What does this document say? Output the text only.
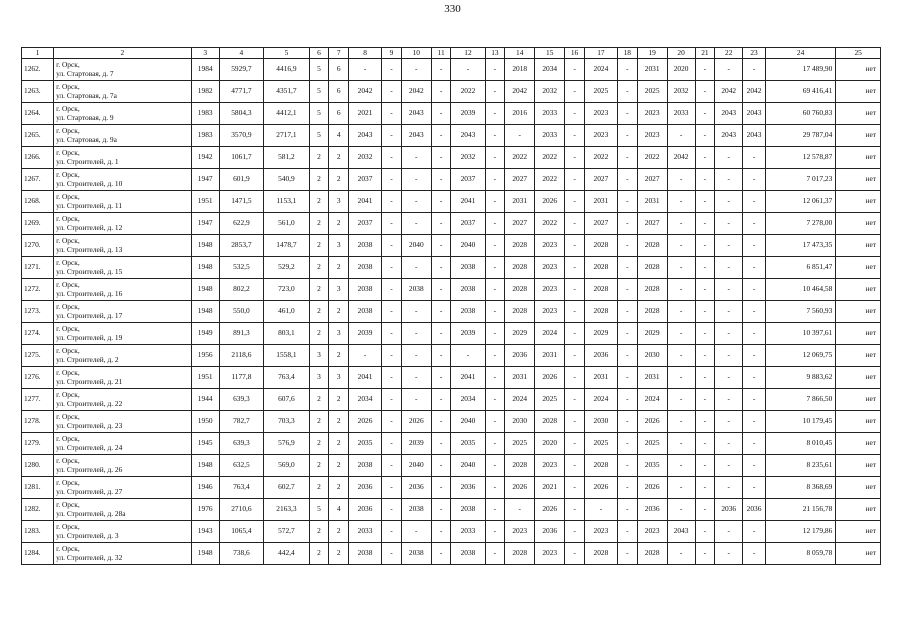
330
1	2	3	4	5	6	7	8	9	10	11	12	13	14	15	16	17	18	19	20	21	22	23	24	25
1262.	г. Орск,
ул. Стартовая, д. 7	1984	5929,7	4416,9	5	6	-	-	-	-	-	-	2018	2034	-	2024	-	2031	2020	-	-	-	17 489,90	нет
1263.	г. Орск,
ул. Стартовая, д. 7а	1982	4771,7	4351,7	5	6	2042	-	2042	-	2022	-	2042	2032	-	2025	-	2025	2032	-	2042	2042	69 416,41	нет
1264.	г. Орск,
ул. Стартовая, д. 9	1983	5804,3	4412,1	5	6	2021	-	2043	-	2039	-	2016	2033	-	2023	-	2023	2033	-	2043	2043	60 760,83	нет
1265.	г. Орск,
ул. Стартовая, д. 9а	1983	3570,9	2717,1	5	4	2043	-	2043	-	2043	-	-	2033	-	2023	-	2023	-	-	2043	2043	29 787,04	нет
1266.	г. Орск,
ул. Строителей, д. 1	1942	1061,7	581,2	2	2	2032	-	-	-	2032	-	2022	2022	-	2022	-	2022	2042	-	-	-	12 578,87	нет
1267.	г. Орск,
ул. Строителей, д. 10	1947	601,9	540,9	2	2	2037	-	-	-	2037	-	2027	2022	-	2027	-	2027	-	-	-	-	7 017,23	нет
1268.	г. Орск,
ул. Строителей, д. 11	1951	1471,5	1153,1	2	3	2041	-	-	-	2041	-	2031	2026	-	2031	-	2031	-	-	-	-	12 061,37	нет
1269.	г. Орск,
ул. Строителей, д. 12	1947	622,9	561,0	2	2	2037	-	-	-	2037	-	2027	2022	-	2027	-	2027	-	-	-	-	7 278,00	нет
1270.	г. Орск,
ул. Строителей, д. 13	1948	2853,7	1478,7	2	3	2038	-	2040	-	2040	-	2028	2023	-	2028	-	2028	-	-	-	-	17 473,35	нет
1271.	г. Орск,
ул. Строителей, д. 15	1948	532,5	529,2	2	2	2038	-	-	-	2038	-	2028	2023	-	2028	-	2028	-	-	-	-	6 851,47	нет
1272.	г. Орск,
ул. Строителей, д. 16	1948	802,2	723,0	2	3	2038	-	2038	-	2038	-	2028	2023	-	2028	-	2028	-	-	-	-	10 464,58	нет
1273.	г. Орск,
ул. Строителей, д. 17	1948	550,0	461,0	2	2	2038	-	-	-	2038	-	2028	2023	-	2028	-	2028	-	-	-	-	7 560,93	нет
1274.	г. Орск,
ул. Строителей, д. 19	1949	891,3	803,1	2	3	2039	-	-	-	2039	-	2029	2024	-	2029	-	2029	-	-	-	-	10 397,61	нет
1275.	г. Орск,
ул. Строителей, д. 2	1956	2118,6	1558,1	3	2	-	-	-	-	-	-	2036	2031	-	2036	-	2030	-	-	-	-	12 069,75	нет
1276.	г. Орск,
ул. Строителей, д. 21	1951	1177,8	763,4	3	3	2041	-	-	-	2041	-	2031	2026	-	2031	-	2031	-	-	-	-	9 883,62	нет
1277.	г. Орск,
ул. Строителей, д. 22	1944	639,3	607,6	2	2	2034	-	-	-	2034	-	2024	2025	-	2024	-	2024	-	-	-	-	7 866,50	нет
1278.	г. Орск,
ул. Строителей, д. 23	1950	782,7	703,3	2	2	2026	-	2026	-	2040	-	2030	2028	-	2030	-	2026	-	-	-	-	10 179,45	нет
1279.	г. Орск,
ул. Строителей, д. 24	1945	639,3	576,9	2	2	2035	-	2039	-	2035	-	2025	2020	-	2025	-	2025	-	-	-	-	8 010,45	нет
1280.	г. Орск,
ул. Строителей, д. 26	1948	632,5	569,0	2	2	2038	-	2040	-	2040	-	2028	2023	-	2028	-	2035	-	-	-	-	8 235,61	нет
1281.	г. Орск,
ул. Строителей, д. 27	1946	763,4	602,7	2	2	2036	-	2036	-	2036	-	2026	2021	-	2026	-	2026	-	-	-	-	8 368,69	нет
1282.	г. Орск,
ул. Строителей, д. 28а	1976	2710,6	2163,3	5	4	2036	-	2038	-	2038	-	-	2026	-	-	-	2036	-	-	2036	2036	21 156,78	нет
1283.	г. Орск,
ул. Строителей, д. 3	1943	1065,4	572,7	2	2	2033	-	-	-	2033	-	2023	2036	-	2023	-	2023	2043	-	-	-	12 179,86	нет
1284.	г. Орск,
ул. Строителей, д. 32	1948	738,6	442,4	2	2	2038	-	2038	-	2038	-	2028	2023	-	2028	-	2028	-	-	-	-	8 059,78	нет
